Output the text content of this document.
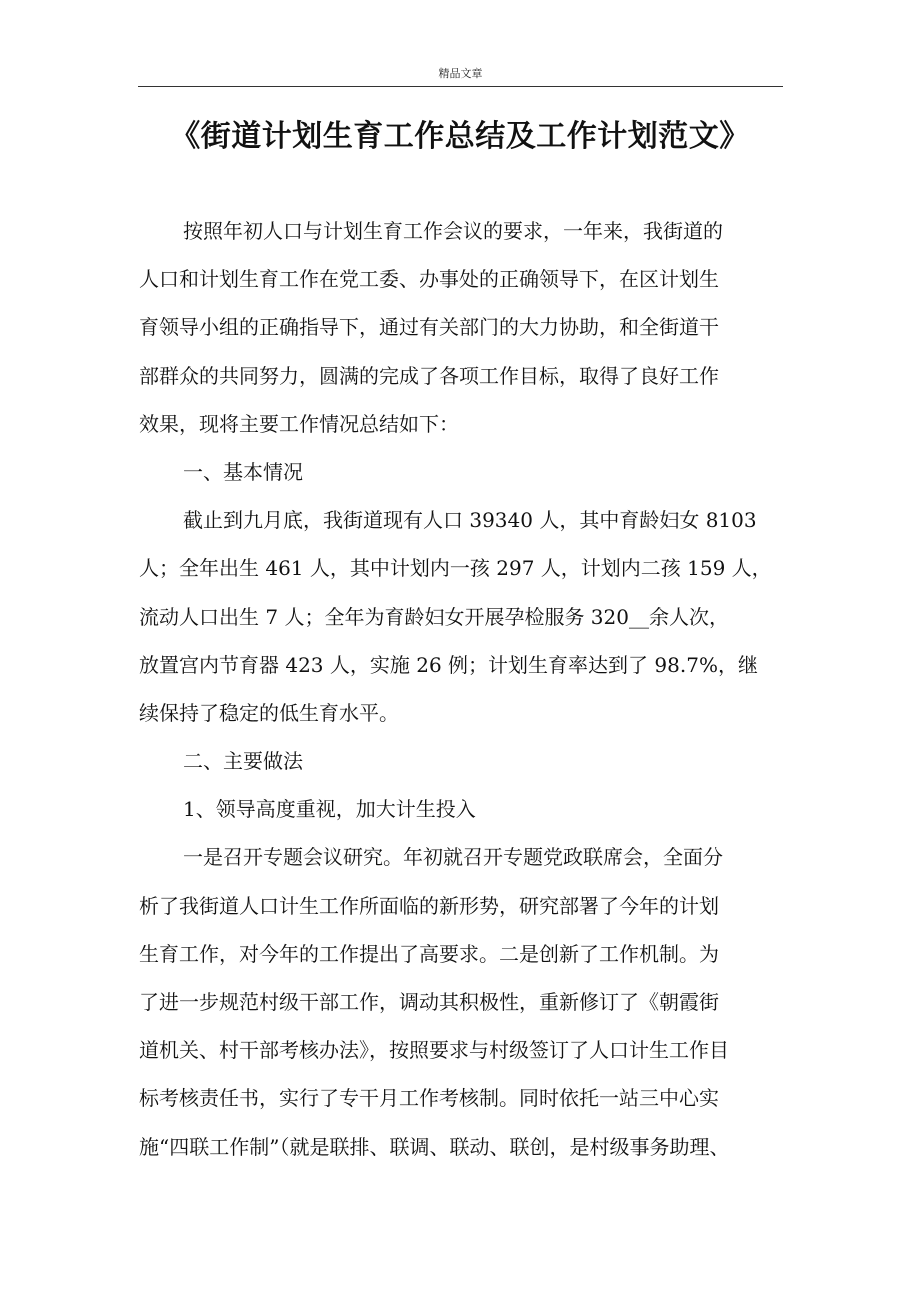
精品文章
《街道计划生育工作总结及工作计划范文》
按照年初人口与计划生育工作会议的要求，一年来，我街道的
人口和计划生育工作在党工委、办事处的正确领导下，在区计划生
育领导小组的正确指导下，通过有关部门的大力协助，和全街道干
部群众的共同努力，圆满的完成了各项工作目标，取得了良好工作
效果，现将主要工作情况总结如下：
一、基本情况
截止到九月底，我街道现有人口 39340 人，其中育龄妇女 8103
人；全年出生 461 人，其中计划内一孩 297 人，计划内二孩 159 人，
流动人口出生 7 人；全年为育龄妇女开展孕检服务 320__余人次，
放置宫内节育器 423 人，实施 26 例；计划生育率达到了 98.7%，继
续保持了稳定的低生育水平。
二、主要做法
1、领导高度重视，加大计生投入
一是召开专题会议研究。年初就召开专题党政联席会，全面分
析了我街道人口计生工作所面临的新形势，研究部署了今年的计划
生育工作，对今年的工作提出了高要求。二是创新了工作机制。为
了进一步规范村级干部工作，调动其积极性，重新修订了《朝霞街
道机关、村干部考核办法》，按照要求与村级签订了人口计生工作目
标考核责任书，实行了专干月工作考核制。同时依托一站三中心实
施“四联工作制”（就是联排、联调、联动、联创，是村级事务助理、
